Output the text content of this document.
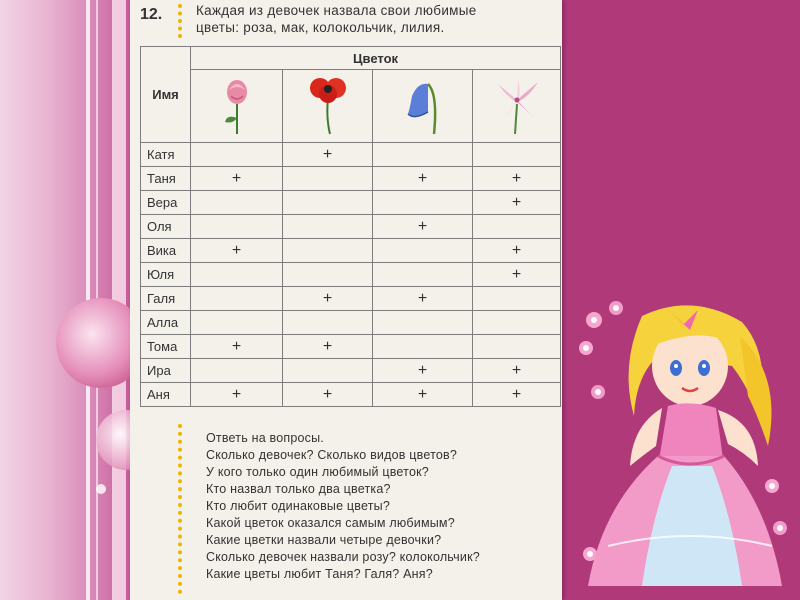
12.	Каждая из девочек назвала свои любимые
цветы: роза, мак, колокольчик, лилия.
Имя	Цветок			

Катя		+		
Таня	+		+	+
Вера				+
Оля			+	
Вика	+			+
Юля				+
Галя		+	+	
Алла				
Тома	+	+		
Ира			+	+
Аня	+	+	+	+
Ответь на вопросы.
Сколько девочек? Сколько видов цветов?
У кого только один любимый цветок?
Кто назвал только два цветка?
Кто любит одинаковые цветы?
Какой цветок оказался самым любимым?
Какие цветки назвали четыре девочки?
Сколько девочек назвали розу? колокольчик?
Какие цветы любит Таня? Галя? Аня?
